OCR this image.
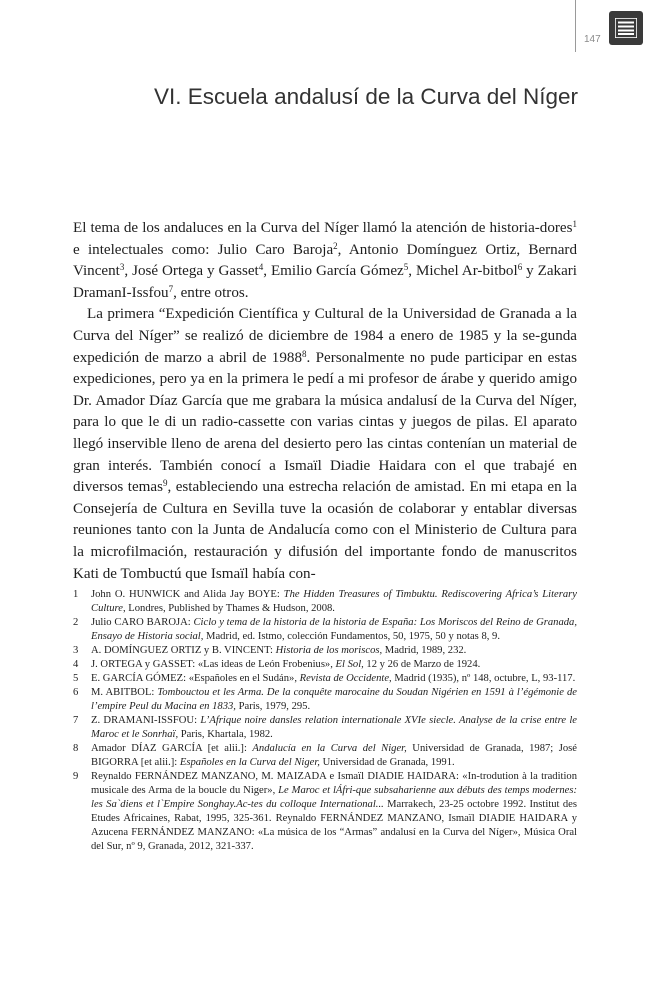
147
VI. Escuela andalusí de la Curva del Níger

El tema de los andaluces en la Curva del Níger llamó la atención de historia-dores$^1$ e intelectuales como: Julio Caro Baroja$^2$, Antonio Domínguez Ortiz, Bernard Vincent$^3$, José Ortega y Gasset$^4$, Emilio García Gómez$^5$, Michel Ar-bitbol$^6$ y Zakari DramanI-Issfou$^7$, entre otros.

La primera “Expedición Científica y Cultural de la Universidad de Granada a la Curva del Níger” se realizó de diciembre de 1984 a enero de 1985 y la se-gunda expedición de marzo a abril de 1988$^8$. Personalmente no pude participar en estas expediciones, pero ya en la primera le pedí a mi profesor de árabe y querido amigo Dr. Amador Díaz García que me grabara la música andalusí de la Curva del Níger, para lo que le di un radio-cassette con varias cintas y juegos de pilas. El aparato llegó inservible lleno de arena del desierto pero las cintas contenían un material de gran interés. También conocí a Ismaïl Diadie Haidara con el que trabajé en diversos temas$^9$, estableciendo una estrecha relación de amistad. En mi etapa en la Consejería de Cultura en Sevilla tuve la ocasión de colaborar y entablar diversas reuniones tanto con la Junta de Andalucía como con el Ministerio de Cultura para la microfilmación, restauración y difusión del importante fondo de manuscritos Kati de Tombuctú que Ismaïl había con-

1	John O. HUNWICK and Alida Jay BOYE: The Hidden Treasures of Timbuktu. Rediscovering Africa’s Literary Culture, Londres, Published by Thames & Hudson, 2008.
2	Julio CARO BAROJA: Ciclo y tema de la historia de la historia de España: Los Moriscos del Reino de Granada, Ensayo de Historia social, Madrid, ed. Istmo, colección Fundamentos, 50, 1975, 50 y notas 8, 9.
3	A. DOMÍNGUEZ ORTIZ y B. VINCENT: Historia de los moriscos, Madrid, 1989, 232.
4	J. ORTEGA y GASSET: «Las ideas de León Frobenius», El Sol, 12 y 26 de Marzo de 1924.
5	E. GARCÍA GÓMEZ: «Españoles en el Sudán», Revista de Occidente, Madrid (1935), nº 148, octubre, L, 93-117.
6	M. ABITBOL: Tombouctou et les Arma. De la conquête marocaine du Soudan Nigérien en 1591 à l’égémonie de l’empire Peul du Macina en 1833, Paris, 1979, 295.
7	Z. DRAMANI-ISSFOU: L’Afrique noire dansles relation internationale XVIe siecle. Analyse de la crise entre le Maroc et le Sonrhaï, Paris, Khartala, 1982.
8	Amador DÍAZ GARCÍA [et alii.]: Andalucía en la Curva del Niger, Universidad de Granada, 1987; José BIGORRA [et alii.]: Españoles en la Curva del Niger, Universidad de Granada, 1991.
9	Reynaldo FERNÁNDEZ MANZANO, M. MAIZADA e Ismaïl DIADIE HAIDARA: «In-trodution à la tradition musicale des Arma de la boucle du Niger», Le Maroc et lÁfri-que subsaharienne aux débuts des temps modernes: les Sa`diens et l`Empire Songhay.Ac-tes du colloque International... Marrakech, 23-25 octobre 1992. Institut des Etudes Africaines, Rabat, 1995, 325-361. Reynaldo FERNÁNDEZ MANZANO, Ismaïl DIADIE HAIDARA y Azucena FERNÁNDEZ MANZANO: «La música de los “Armas” andalusí en la Curva del Níger», Música Oral del Sur, nº 9, Granada, 2012, 321-337.
